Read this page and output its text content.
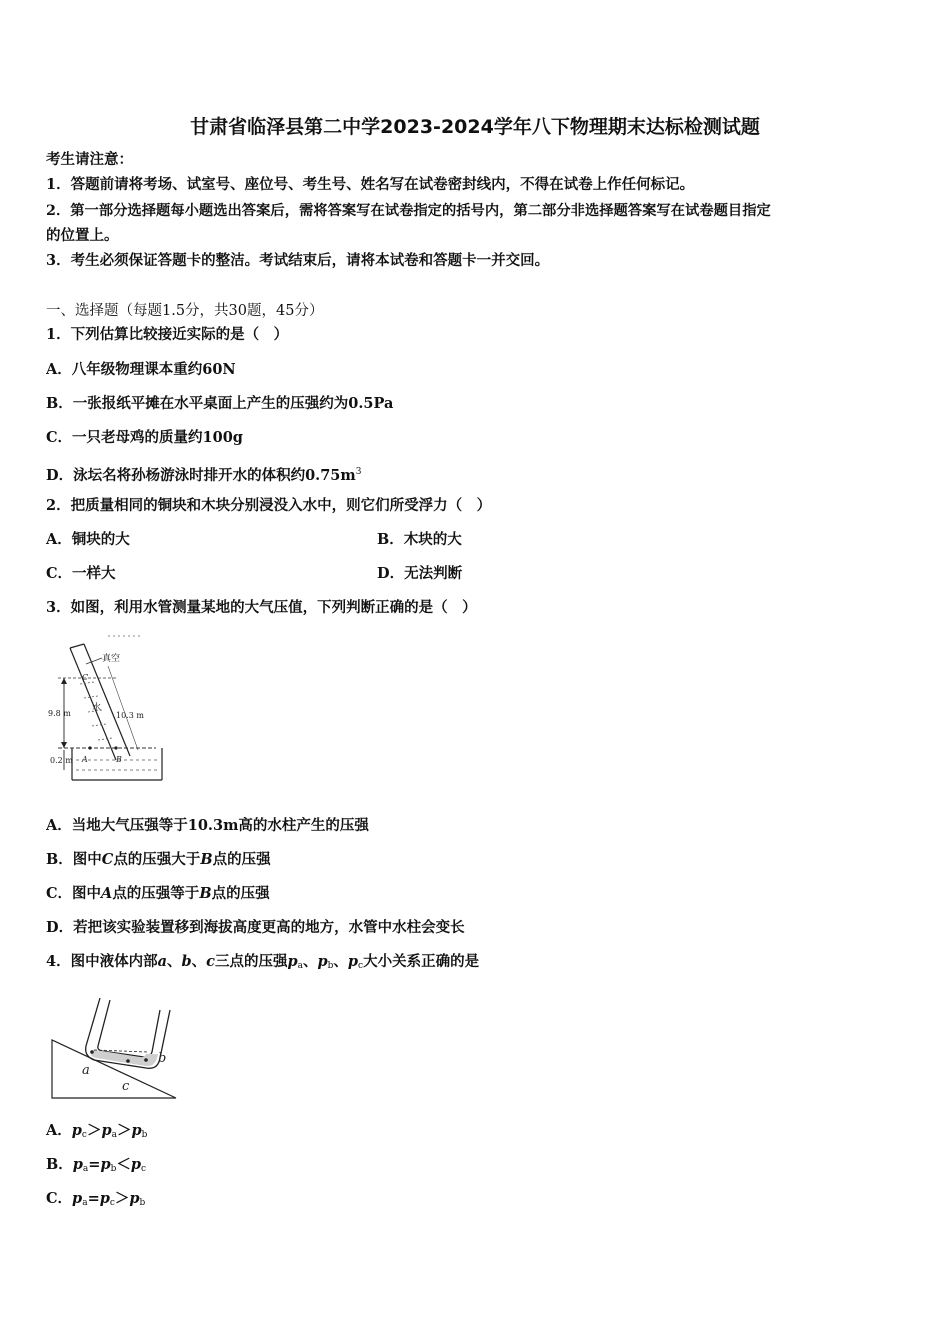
甘肃省临泽县第二中学2023-2024学年八下物理期末达标检测试题
考生请注意：
1．答题前请将考场、试室号、座位号、考生号、姓名写在试卷密封线内，不得在试卷上作任何标记。
2．第一部分选择题每小题选出答案后，需将答案写在试卷指定的括号内，第二部分非选择题答案写在试卷题目指定
的位置上。
3．考生必须保证答题卡的整洁。考试结束后，请将本试卷和答题卡一并交回。
一、选择题（每题1.5分，共30题，45分）
1．下列估算比较接近实际的是（　）
A．八年级物理课本重约60N
B．一张报纸平摊在水平桌面上产生的压强约为0.5Pa
C．一只老母鸡的质量约100g
D．泳坛名将孙杨游泳时排开水的体积约$0.75m^3$
2．把质量相同的铜块和木块分别浸没入水中，则它们所受浮力（　）
A．铜块的大	B．木块的大
C．一样大	D．无法判断
3．如图，利用水管测量某地的大气压值，下列判断正确的是（　）
真空
水
C
9.8 m	10.3 m
A	B
0.2 m
A．当地大气压强等于10.3m高的水柱产生的压强
B．图中C点的压强大于B点的压强
C．图中A点的压强等于B点的压强
D．若把该实验装置移到海拔高度更高的地方，水管中水柱会变长
4．图中液体内部a、b、c三点的压强$p_a$、$p_b$、$p_c$大小关系正确的是
a
b
c
A．$p_c>p_a>p_b$
B．$p_a=p_b<p_c$
C．$p_a=p_c>p_b$
